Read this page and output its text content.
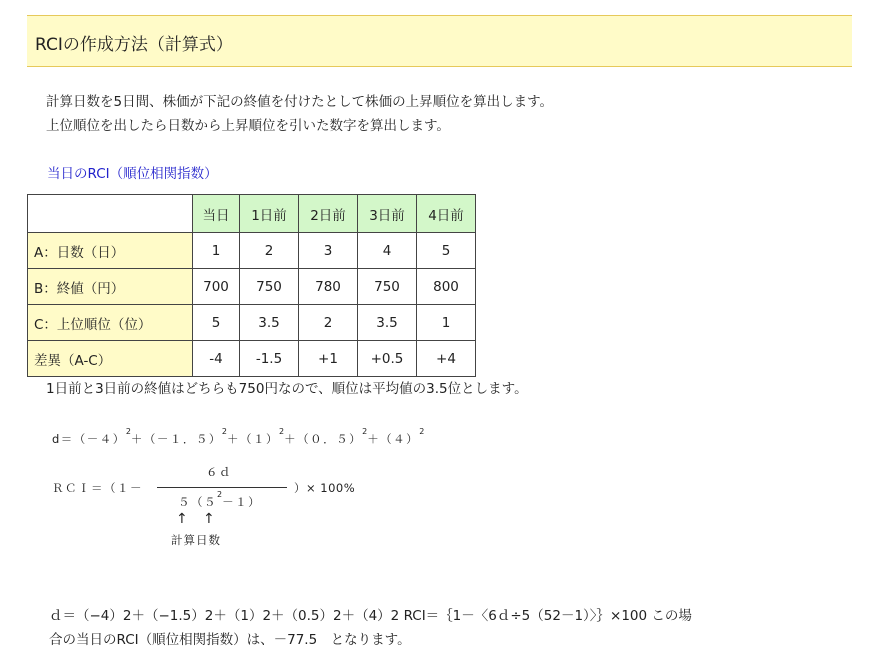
RCIの作成方法（計算式）

計算日数を5日間、株価が下記の終値を付けたとして株価の上昇順位を算出します。

上位順位を出したら日数から上昇順位を引いた数字を算出します。

当日のRCI（順位相関指数）
	当日	1日前	2日前	3日前	4日前
A：日数（日）	1	2	3	4	5
B：終値（円）	700	750	780	750	800
C：上位順位（位）	5	3.5	2	3.5	1
差異（A-C）	-4	-1.5	+1	+0.5	+4
1日前と3日前の終値はどちらも750円なので、順位は平均値の3.5位とします。
$d=(-4)^2+(-1$．$5)^2+(1)^2+(0$．$5)^2+(4)^2$
ＲＣＩ＝（１－
６ｄ
$5(5^2-1)$
）× 100%
↑ ↑
計算日数

ｄ＝（−4）2＋（−1.5）2＋（1）2＋（0.5）2＋（4）2 RCI＝｛1－〈6ｄ÷5（52－1）〉｝×100 この場

合の当日のRCI（順位相関指数）は、－77.5　となります。
